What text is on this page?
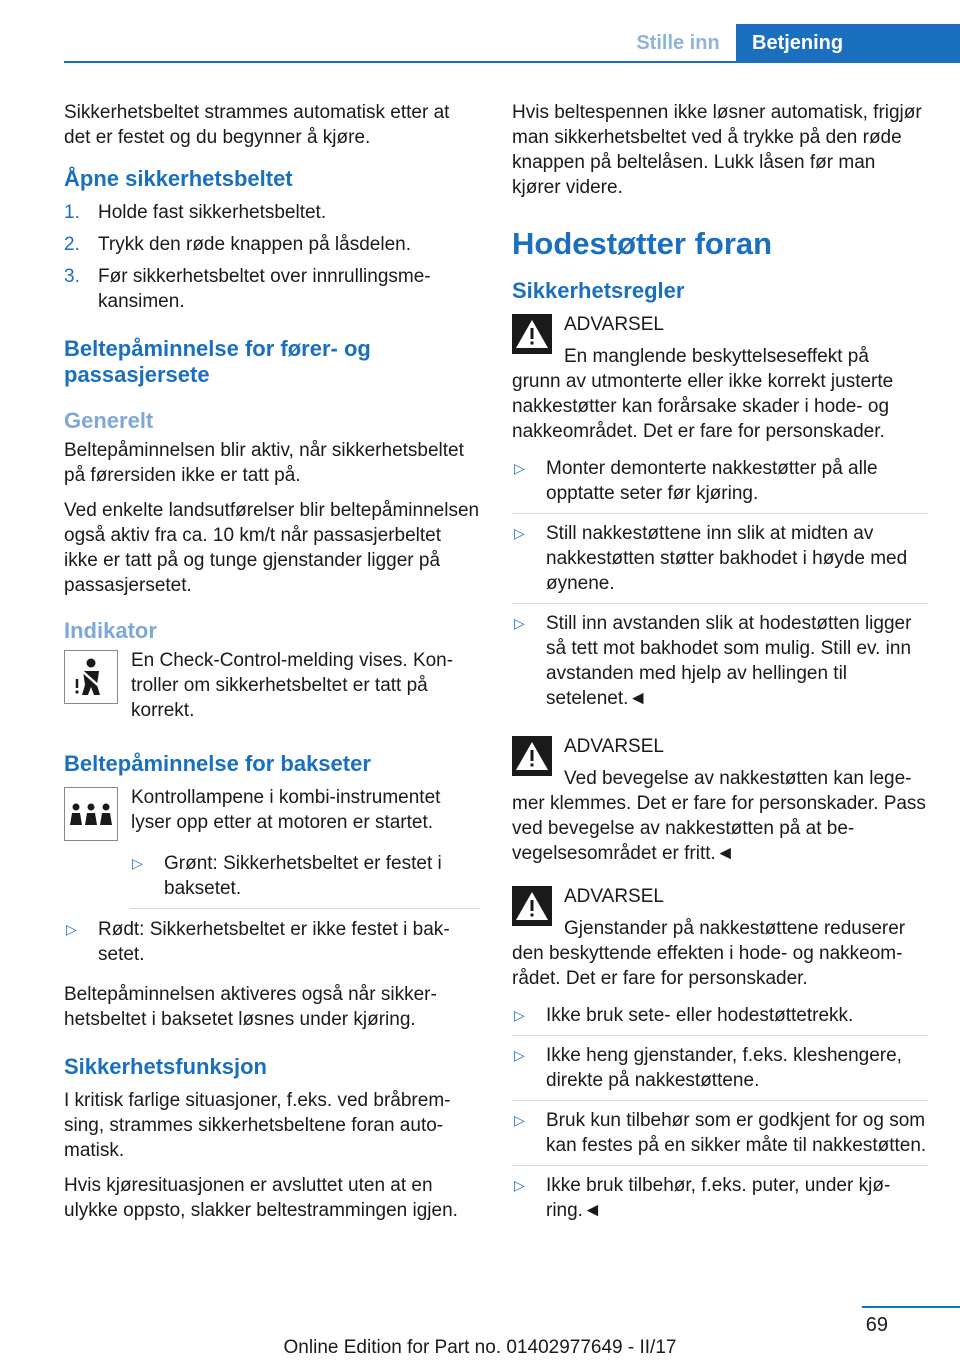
Stille inn	Betjening

Sikkerhetsbeltet strammes automatisk etter at det er festet og du begynner å kjøre.

Åpne sikkerhetsbeltet
1. Holde fast sikkerhetsbeltet.
2. Trykk den røde knappen på låsdelen.
3. Før sikkerhetsbeltet over innrullingsmekansimen.
Beltepåminnelse for fører- og passasjersete
Generelt

Beltepåminnelsen blir aktiv, når sikkerhetsbeltet på førersiden ikke er tatt på.

Ved enkelte landsutførelser blir beltepåminnelsen også aktiv fra ca. 10 km/t når passasjerbeltet ikke er tatt på og tunge gjenstander ligger på passasjersetet.

Indikator

En Check-Control-melding vises. Kontroller om sikkerhetsbeltet er tatt på korrekt.

Beltepåminnelse for bakseter

Kontrollampene i kombi-instrumentet lyser opp etter at motoren er startet.

▷ Grønt: Sikkerhetsbeltet er festet i baksetet.
▷ Rødt: Sikkerhetsbeltet er ikke festet i baksetet.

Beltepåminnelsen aktiveres også når sikkerhetsbeltet i baksetet løsnes under kjøring.

Sikkerhetsfunksjon

I kritisk farlige situasjoner, f.eks. ved bråbremsing, strammes sikkerhetsbeltene foran automatisk.

Hvis kjøresituasjonen er avsluttet uten at en ulykke oppsto, slakker beltestrammingen igjen.

Hvis beltespennen ikke løsner automatisk, frigjør man sikkerhetsbeltet ved å trykke på den røde knappen på beltelåsen. Lukk låsen før man kjører videre.

Hodestøtter foran
Sikkerhetsregler
ADVARSEL
En manglende beskyttelseseffekt på
grunn av utmonterte eller ikke korrekt justerte nakkestøtter kan forårsake skader i hode- og nakkeområdet. Det er fare for personskader.
▷ Monter demonterte nakkestøtter på alle opptatte seter før kjøring.
▷ Still nakkestøttene inn slik at midten av nakkestøtten støtter bakhodet i høyde med øynene.
▷ Still inn avstanden slik at hodestøtten ligger så tett mot bakhodet som mulig. Still ev. inn avstanden med hjelp av hellingen til setelenet.◄
ADVARSEL
Ved bevegelse av nakkestøtten kan lege-
mer klemmes. Det er fare for personskader. Pass ved bevegelse av nakkestøtten på at bevegelsesområdet er fritt.◄
ADVARSEL
Gjenstander på nakkestøttene reduserer
den beskyttende effekten i hode- og nakkeområdet. Det er fare for personskader.
▷ Ikke bruk sete- eller hodestøttetrekk.
▷ Ikke heng gjenstander, f.eks. kleshengere, direkte på nakkestøttene.
▷ Bruk kun tilbehør som er godkjent for og som kan festes på en sikker måte til nakkestøtten.
▷ Ikke bruk tilbehør, f.eks. puter, under kjøring.◄
69
Online Edition for Part no. 01402977649 - II/17
